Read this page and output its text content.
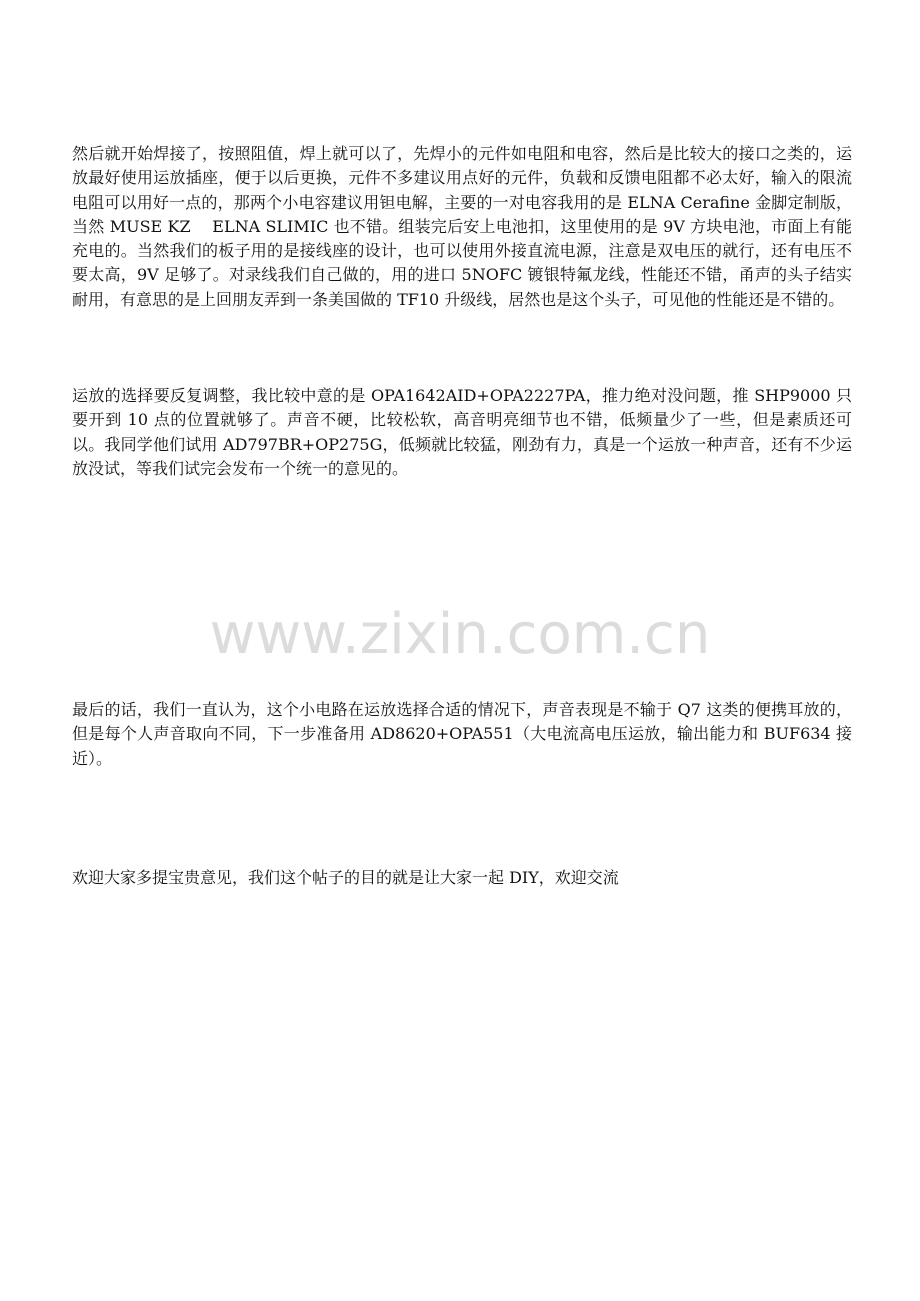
然后就开始焊接了，按照阻值，焊上就可以了，先焊小的元件如电阻和电容，然后是比较大的接口之类的，运放最好使用运放插座，便于以后更换，元件不多建议用点好的元件，负载和反馈电阻都不必太好，输入的限流电阻可以用好一点的，那两个小电容建议用钽电解，主要的一对电容我用的是 ELNA Cerafine 金脚定制版，当然 MUSE KZ　 ELNA SLIMIC 也不错。组装完后安上电池扣，这里使用的是 9V 方块电池，市面上有能充电的。当然我们的板子用的是接线座的设计，也可以使用外接直流电源，注意是双电压的就行，还有电压不要太高，9V 足够了。对录线我们自己做的，用的进口 5NOFC 镀银特氟龙线，性能还不错，甬声的头子结实耐用，有意思的是上回朋友弄到一条美国做的 TF10 升级线，居然也是这个头子，可见他的性能还是不错的。

运放的选择要反复调整，我比较中意的是 OPA1642AID+OPA2227PA，推力绝对没问题，推 SHP9000 只要开到 10 点的位置就够了。声音不硬，比较松软，高音明亮细节也不错，低频量少了一些，但是素质还可以。我同学他们试用 AD797BR+OP275G，低频就比较猛，刚劲有力，真是一个运放一种声音，还有不少运放没试，等我们试完会发布一个统一的意见的。

www.zixin.com.cn

最后的话，我们一直认为，这个小电路在运放选择合适的情况下，声音表现是不输于 Q7 这类的便携耳放的，但是每个人声音取向不同，下一步准备用 AD8620+OPA551（大电流高电压运放，输出能力和 BUF634 接近）。

欢迎大家多提宝贵意见，我们这个帖子的目的就是让大家一起 DIY，欢迎交流
